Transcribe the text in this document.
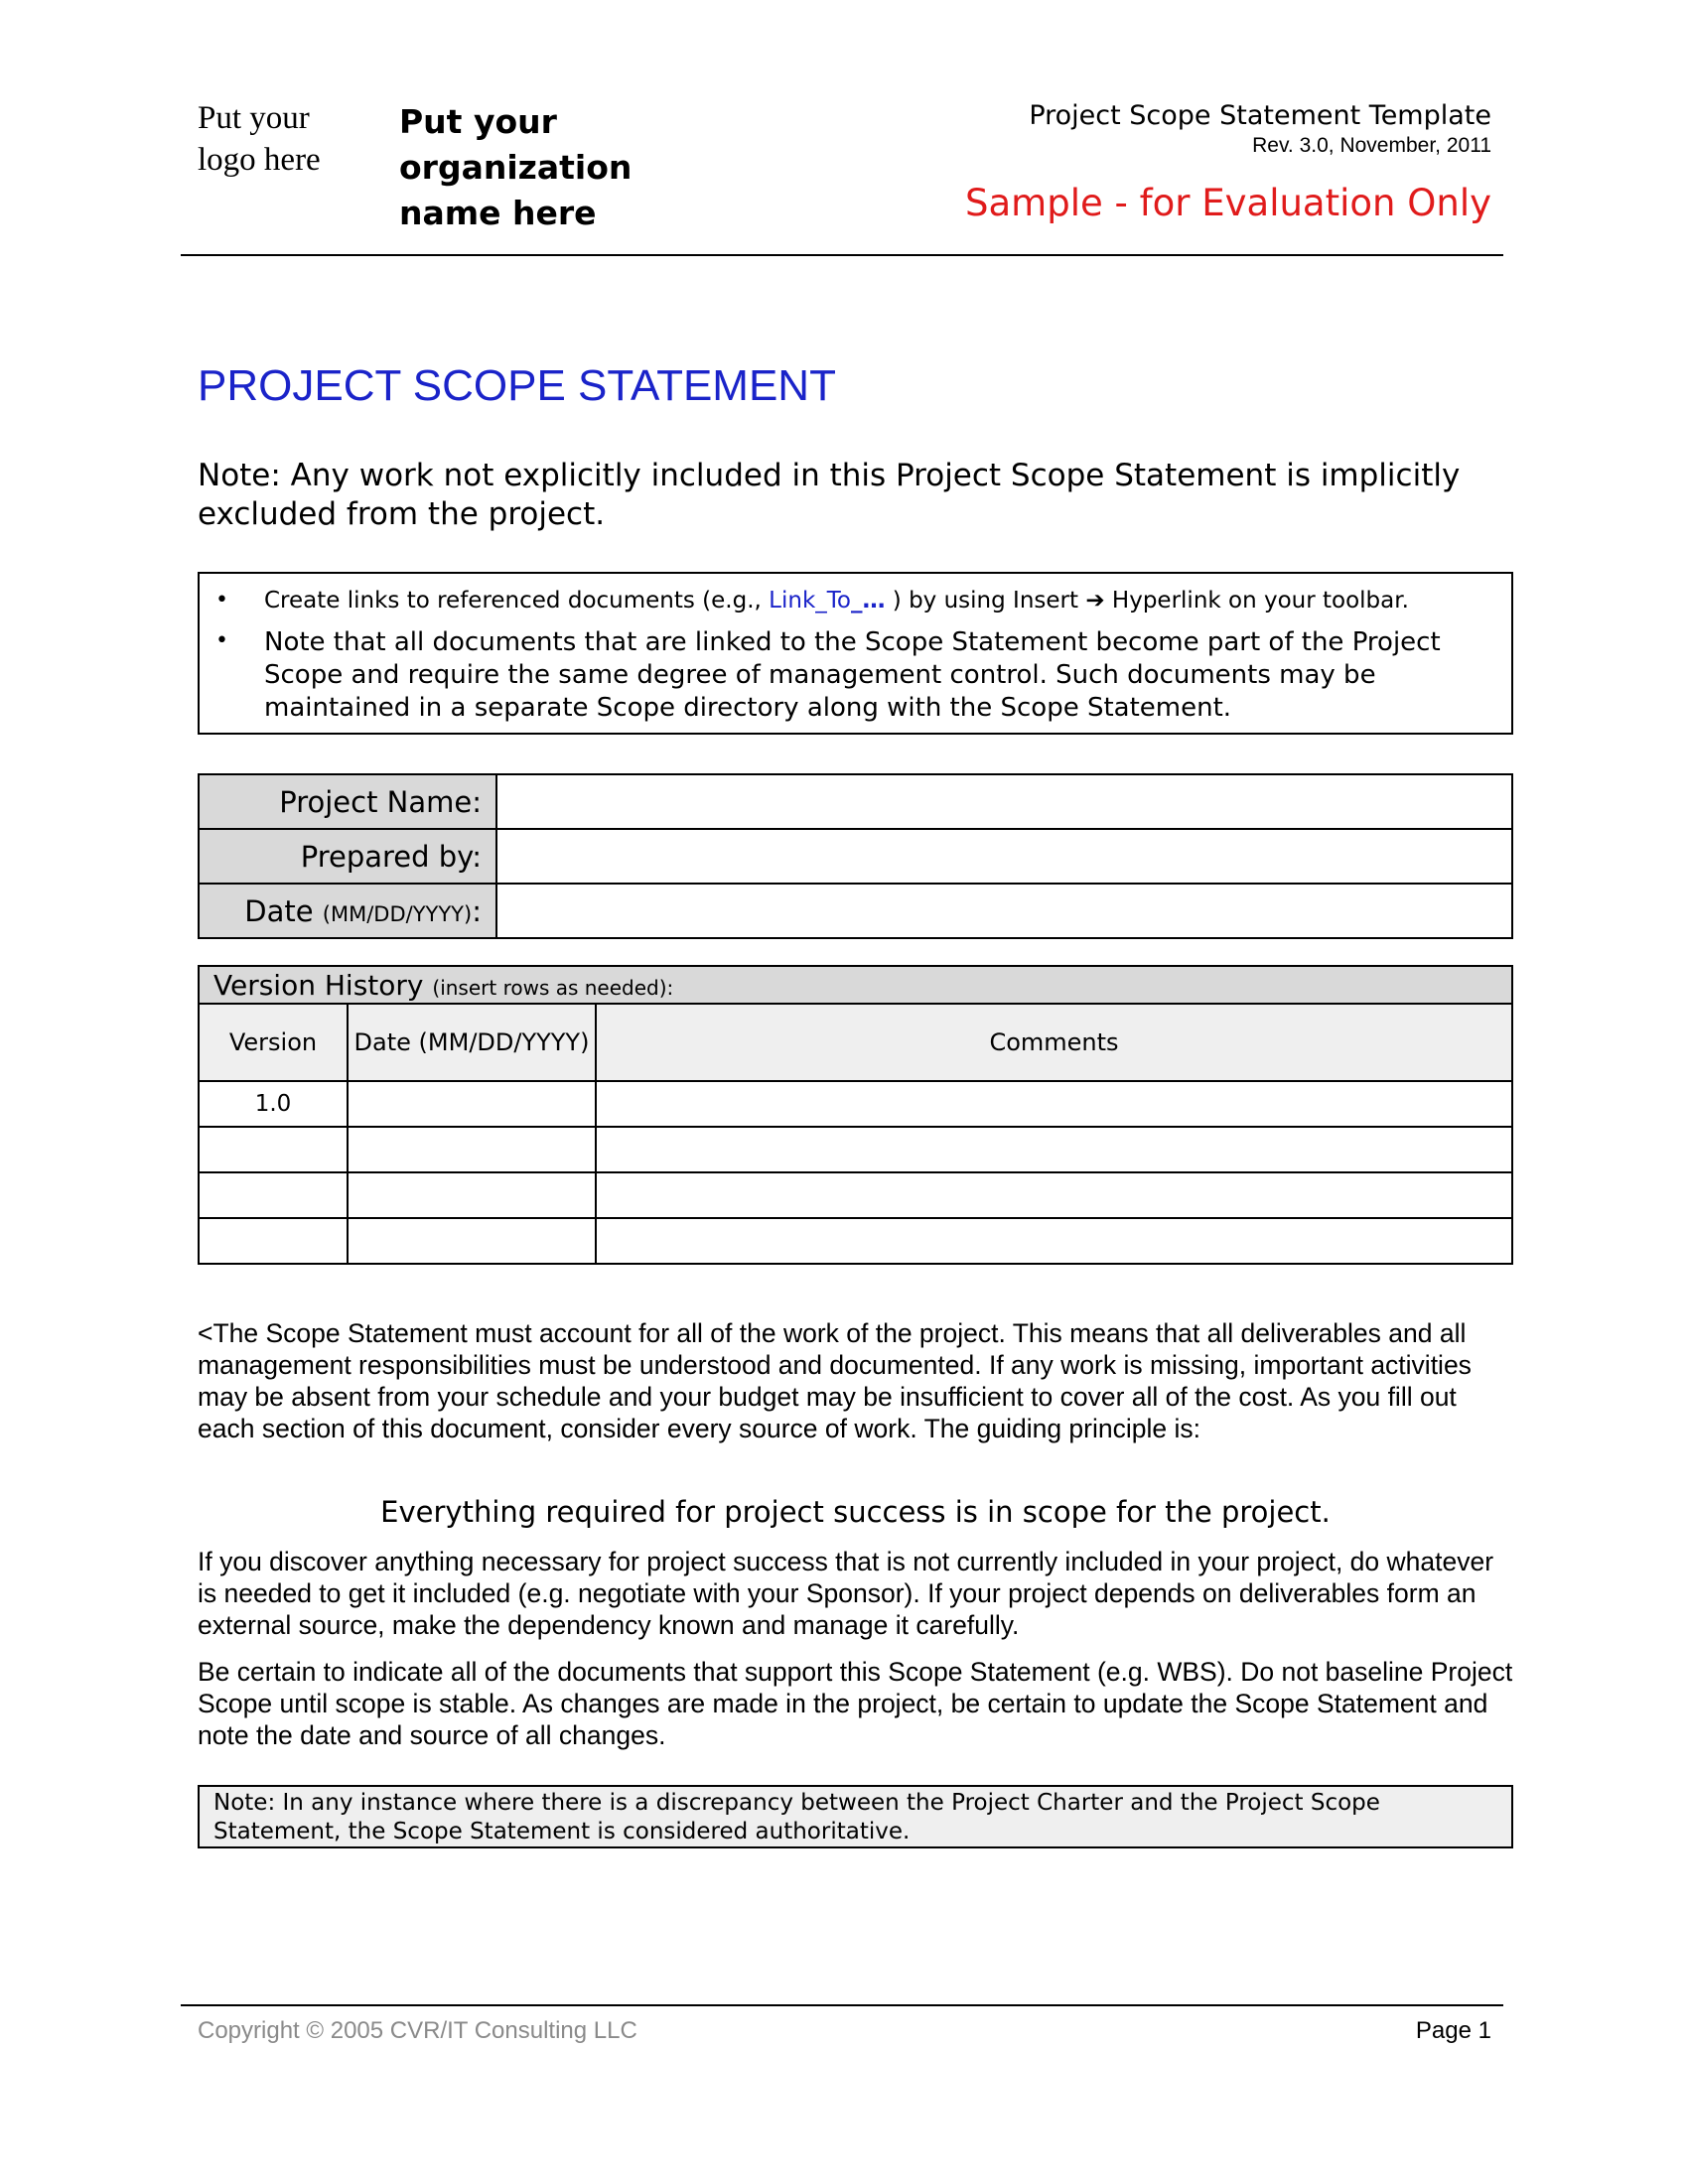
Put your logo here
Put your organization name here
Project Scope Statement Template
Rev. 3.0, November, 2011
Sample - for Evaluation Only
PROJECT SCOPE STATEMENT
Note: Any work not explicitly included in this Project Scope Statement is implicitly excluded from the project.
•	Create links to referenced documents (e.g., Link_To_… ) by using Insert ➔ Hyperlink on your toolbar.
•	Note that all documents that are linked to the Scope Statement become part of the Project Scope and require the same degree of management control. Such documents may be maintained in a separate Scope directory along with the Scope Statement.
Project Name:	
Prepared by:	
Date (MM/DD/YYYY):	
Version History (insert rows as needed):		
Version	Date (MM/DD/YYYY)	Comments
1.0		

<The Scope Statement must account for all of the work of the project. This means that all deliverables and all management responsibilities must be understood and documented. If any work is missing, important activities may be absent from your schedule and your budget may be insufficient to cover all of the cost. As you fill out each section of this document, consider every source of work. The guiding principle is:
Everything required for project success is in scope for the project.
If you discover anything necessary for project success that is not currently included in your project, do whatever is needed to get it included (e.g. negotiate with your Sponsor). If your project depends on deliverables form an external source, make the dependency known and manage it carefully.
Be certain to indicate all of the documents that support this Scope Statement (e.g. WBS). Do not baseline Project Scope until scope is stable. As changes are made in the project, be certain to update the Scope Statement and note the date and source of all changes.
Note: In any instance where there is a discrepancy between the Project Charter and the Project Scope Statement, the Scope Statement is considered authoritative.
Copyright © 2005 CVR/IT Consulting LLC	Page 1
